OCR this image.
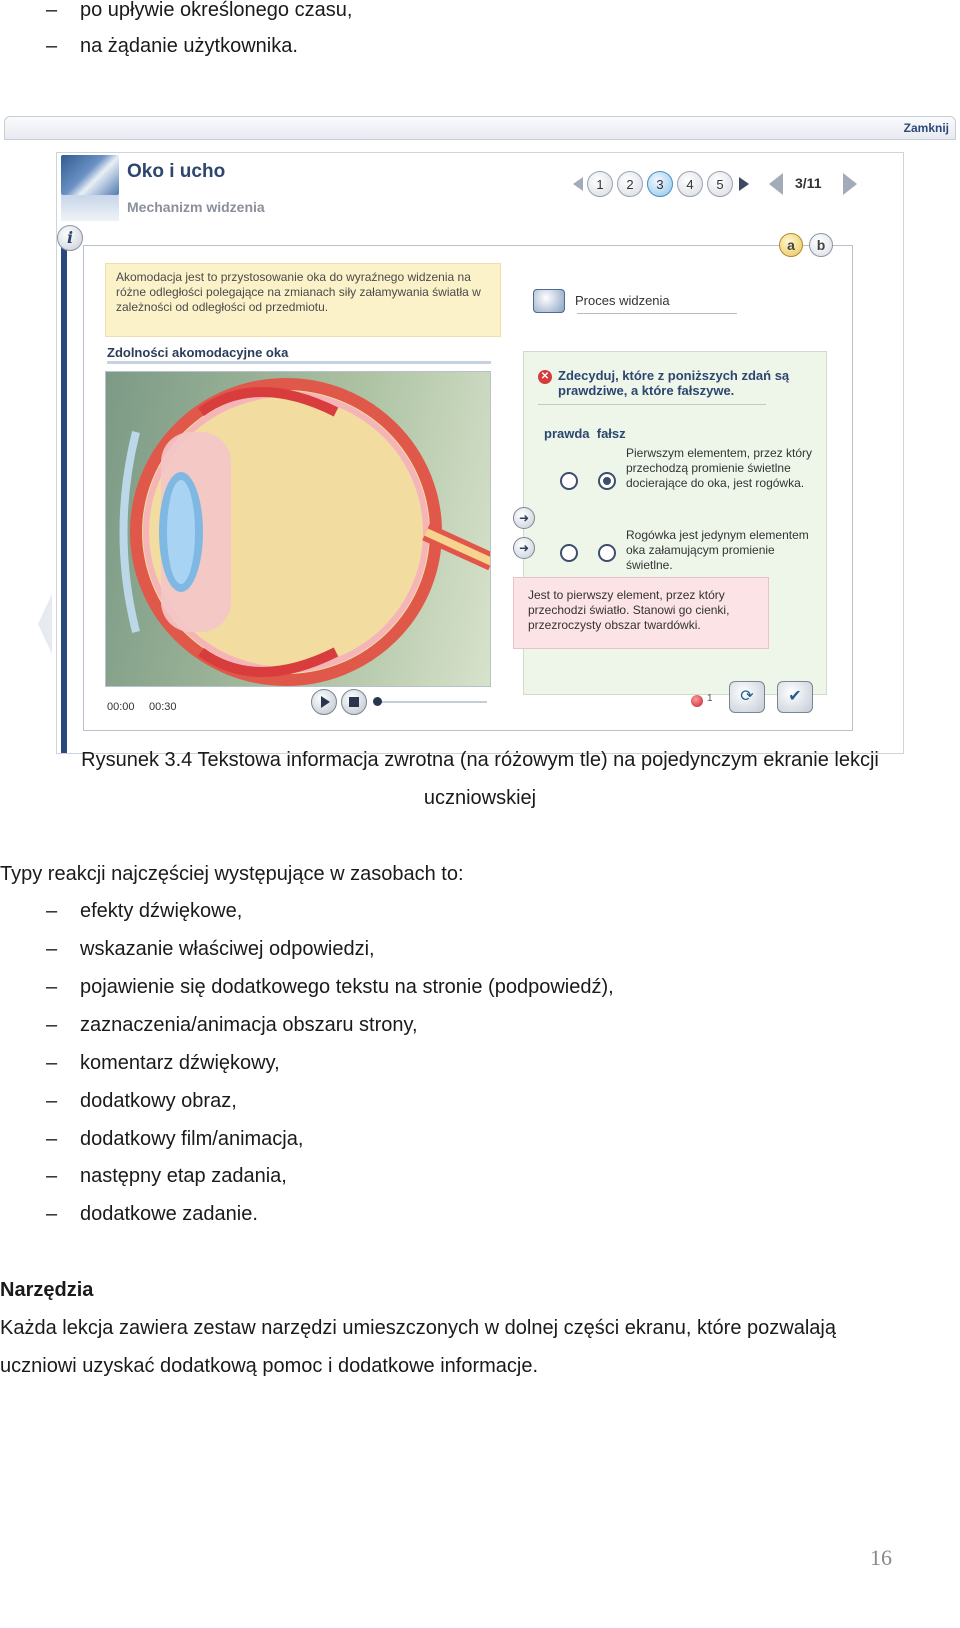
– po upływie określonego czasu,
– na żądanie użytkownika.
Zamknij
Oko i ucho
Mechanizm widzenia
i
1	2	3	4	5	3/11
a	b
Akomodacja jest to przystosowanie oka do wyraźnego widzenia na różne odległości polegające na zmianach siły załamywania światła w zależności od odległości od przedmiotu.	Proces widzenia
Zdolności akomodacyjne oka
00:00 00:30
✕ Zdecyduj, które z poniższych zdań są prawdziwe, a które fałszywe.
prawda  fałsz
Pierwszym elementem, przez który przechodzą promienie świetlne docierające do oka, jest rogówka.
Rogówka jest jedynym elementem oka załamującym promienie świetlne.
➜
➜
Jest to pierwszy element, przez który przechodzi światło. Stanowi go cienki, przezroczysty obszar twardówki.
1	⟳	✔
Rysunek 3.4 Tekstowa informacja zwrotna (na różowym tle) na pojedynczym ekranie lekcji
uczniowskiej
Typy reakcji najczęściej występujące w zasobach to:
– efekty dźwiękowe,
– wskazanie właściwej odpowiedzi,
– pojawienie się dodatkowego tekstu na stronie (podpowiedź),
– zaznaczenia/animacja obszaru strony,
– komentarz dźwiękowy,
– dodatkowy obraz,
– dodatkowy film/animacja,
– następny etap zadania,
– dodatkowe zadanie.
Narzędzia
Każda lekcja zawiera zestaw narzędzi umieszczonych w dolnej części ekranu, które pozwalają
uczniowi uzyskać dodatkową pomoc i dodatkowe informacje.
16
